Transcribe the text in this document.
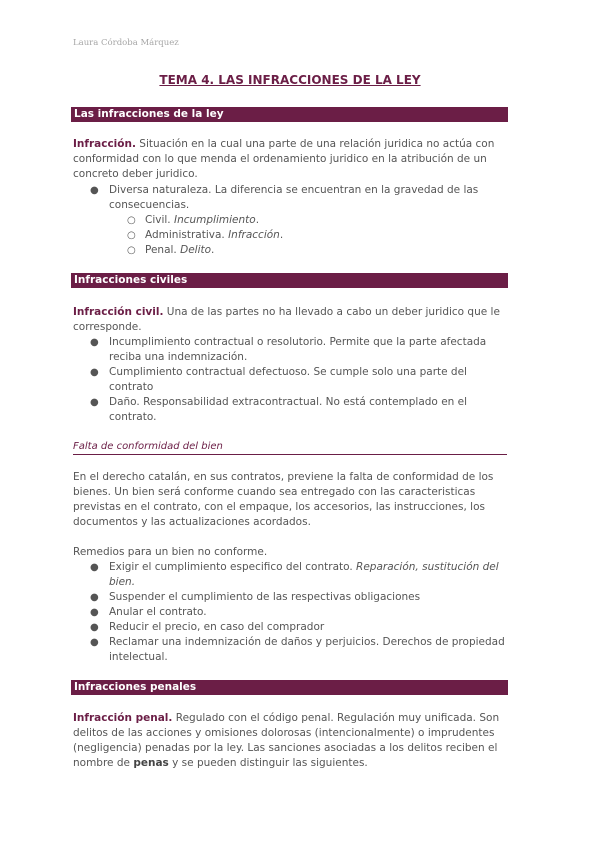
Laura Córdoba Márquez
TEMA 4. LAS INFRACCIONES DE LA LEY
Las infracciones de la ley
Infracción. Situación en la cual una parte de una relación juridica no actúa con
conformidad con lo que menda el ordenamiento juridico en la atribución de un
concreto deber juridico.
● Diversa naturaleza. La diferencia se encuentran en la gravedad de las
consecuencias.
○ Civil. Incumplimiento.
○ Administrativa. Infracción.
○ Penal. Delito.
Infracciones civiles
Infracción civil. Una de las partes no ha llevado a cabo un deber juridico que le
corresponde.
● Incumplimiento contractual o resolutorio. Permite que la parte afectada
reciba una indemnización.
● Cumplimiento contractual defectuoso. Se cumple solo una parte del
contrato
● Daño. Responsabilidad extracontractual. No está contemplado en el
contrato.
Falta de conformidad del bien
En el derecho catalán, en sus contratos, previene la falta de conformidad de los
bienes. Un bien será conforme cuando sea entregado con las caracteristicas
previstas en el contrato, con el empaque, los accesorios, las instrucciones, los
documentos y las actualizaciones acordados.
Remedios para un bien no conforme.
● Exigir el cumplimiento especifico del contrato. Reparación, sustitución del
bien.
● Suspender el cumplimiento de las respectivas obligaciones
● Anular el contrato.
● Reducir el precio, en caso del comprador
● Reclamar una indemnización de daños y perjuicios. Derechos de propiedad
intelectual.
Infracciones penales
Infracción penal. Regulado con el código penal. Regulación muy unificada. Son
delitos de las acciones y omisiones dolorosas (intencionalmente) o imprudentes
(negligencia) penadas por la ley. Las sanciones asociadas a los delitos reciben el
nombre de penas y se pueden distinguir las siguientes.
